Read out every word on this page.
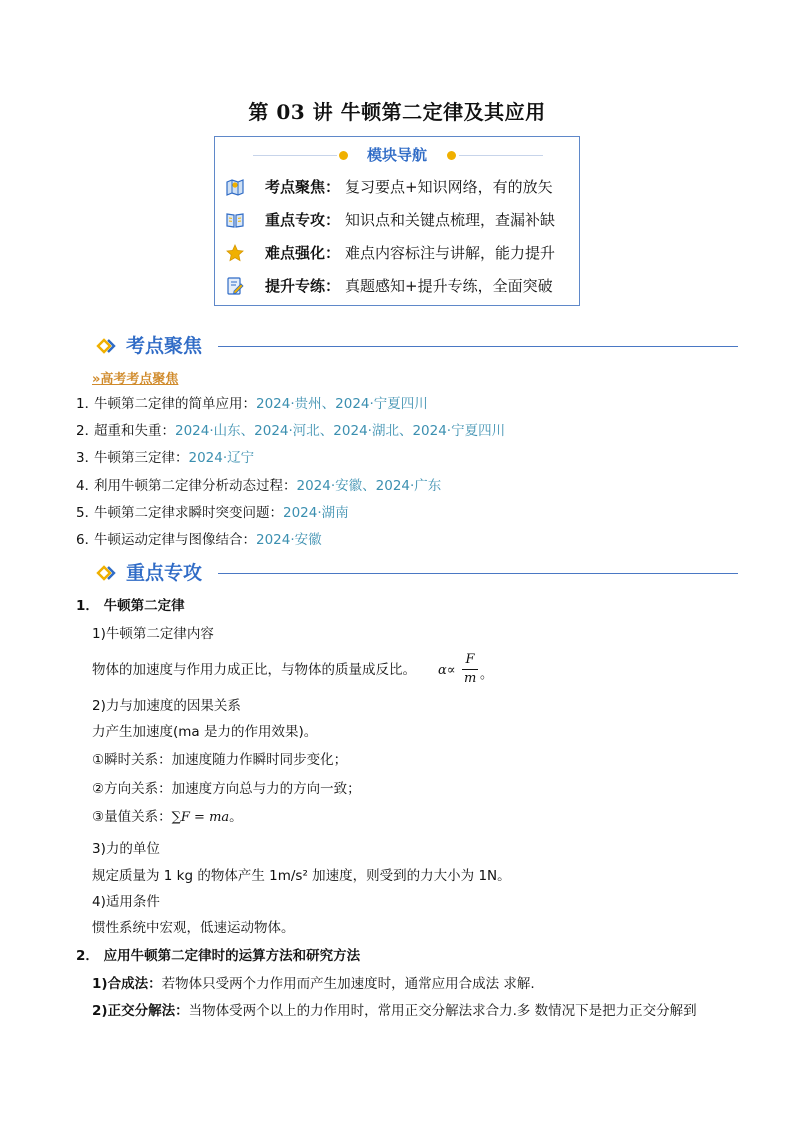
第 03 讲 牛顿第二定律及其应用
模块导航
考点聚焦： 复习要点+知识网络，有的放矢
重点专攻： 知识点和关键点梳理，查漏补缺
难点强化： 难点内容标注与讲解，能力提升
提升专练： 真题感知+提升专练，全面突破
考点聚焦
»高考考点聚焦
1．牛顿第二定律的简单应用：2024·贵州、2024·宁夏四川
2．超重和失重：2024·山东、2024·河北、2024·湖北、2024·宁夏四川
3．牛顿第三定律：2024·辽宁
4．利用牛顿第二定律分析动态过程：2024·安徽、2024·广东
5．牛顿第二定律求瞬时突变问题：2024·湖南
6．牛顿运动定律与图像结合：2024·安徽
重点专攻
1． 牛顿第二定律
1)牛顿第二定律内容
物体的加速度与作用力成正比，与物体的质量成反比。 α∝
F
m 。
2)力与加速度的因果关系
力产生加速度(ma 是力的作用效果)。
①瞬时关系：加速度随力作瞬时同步变化；
②方向关系：加速度方向总与力的方向一致；
③量值关系：∑F = ma。
3)力的单位
规定质量为 1 kg 的物体产生 1m/s² 加速度，则受到的力大小为 1N。
4)适用条件
惯性系统中宏观，低速运动物体。
2． 应用牛顿第二定律时的运算方法和研究方法
1)合成法：若物体只受两个力作用而产生加速度时，通常应用合成法 求解.
2)正交分解法：当物体受两个以上的力作用时，常用正交分解法求合力.多 数情况下是把力正交分解到
